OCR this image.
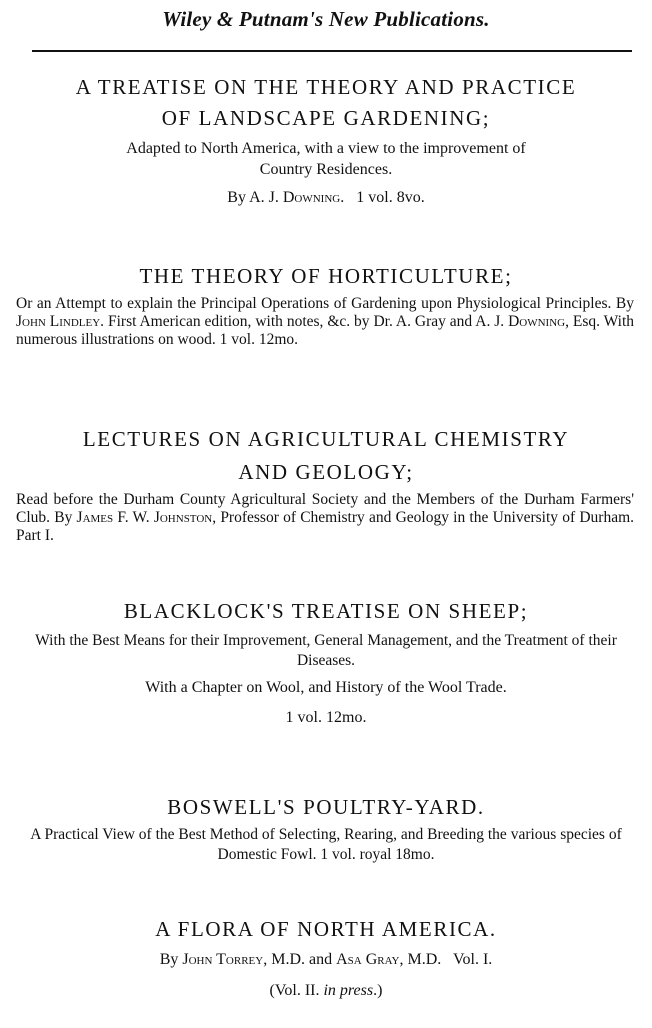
Wiley & Putnam's New Publications.
A TREATISE ON THE THEORY AND PRACTICE
OF LANDSCAPE GARDENING;
Adapted to North America, with a view to the improvement of
Country Residences.
By A. J. Downing. 1 vol. 8vo.
THE THEORY OF HORTICULTURE;
Or an Attempt to explain the Principal Operations of Gardening upon Physiological Principles. By John Lindley. First American edition, with notes, &c. by Dr. A. Gray and A. J. Downing, Esq. With numerous illustrations on wood. 1 vol. 12mo.
LECTURES ON AGRICULTURAL CHEMISTRY
AND GEOLOGY;
Read before the Durham County Agricultural Society and the Members of the Durham Farmers' Club. By James F. W. Johnston, Professor of Chemistry and Geology in the University of Durham. Part I.
BLACKLOCK'S TREATISE ON SHEEP;
With the Best Means for their Improvement, General Management, and the Treatment of their Diseases.
With a Chapter on Wool, and History of the Wool Trade.
1 vol. 12mo.
BOSWELL'S POULTRY-YARD.
A Practical View of the Best Method of Selecting, Rearing, and Breeding the various species of Domestic Fowl. 1 vol. royal 18mo.
A FLORA OF NORTH AMERICA.
By John Torrey, M.D. and Asa Gray, M.D. Vol. I.
(Vol. II. in press.)
